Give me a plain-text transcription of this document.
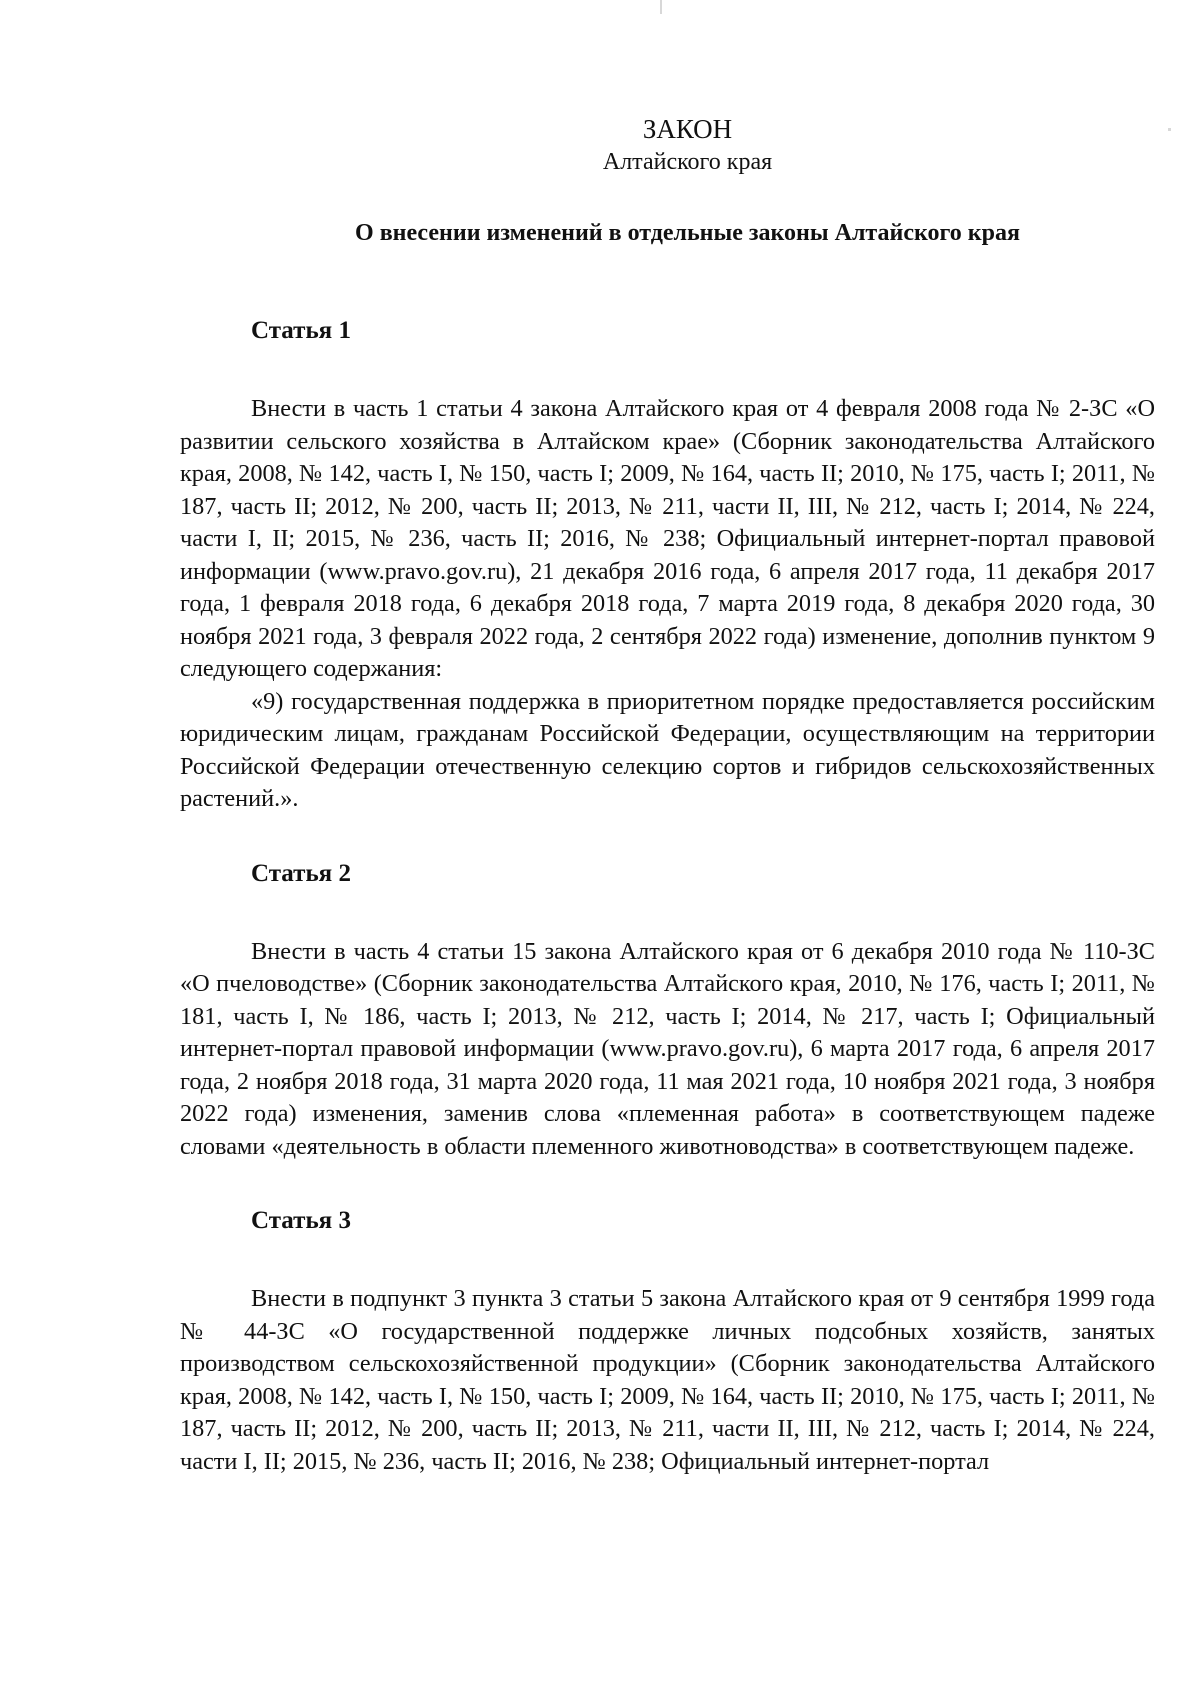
ЗАКОН

Алтайского края

О внесении изменений в отдельные законы Алтайского края

Статья 1

Внести в часть 1 статьи 4 закона Алтайского края от 4 февраля 2008 года № 2-ЗС «О развитии сельского хозяйства в Алтайском крае» (Сборник законодательства Алтайского края, 2008, № 142, часть I, № 150, часть I; 2009, № 164, часть II; 2010, № 175, часть I; 2011, № 187, часть II; 2012, № 200, часть II; 2013, № 211, части II, III, № 212, часть I; 2014, № 224, части I, II; 2015, № 236, часть II; 2016, № 238; Официальный интернет-портал правовой информации (www.pravo.gov.ru), 21 декабря 2016 года, 6 апреля 2017 года, 11 декабря 2017 года, 1 февраля 2018 года, 6 декабря 2018 года, 7 марта 2019 года, 8 декабря 2020 года, 30 ноября 2021 года, 3 февраля 2022 года, 2 сентября 2022 года) изменение, дополнив пунктом 9 следующего содержания:

«9) государственная поддержка в приоритетном порядке предоставляется российским юридическим лицам, гражданам Российской Федерации, осуществляющим на территории Российской Федерации отечественную селекцию сортов и гибридов сельскохозяйственных растений.».

Статья 2

Внести в часть 4 статьи 15 закона Алтайского края от 6 декабря 2010 года № 110-ЗС «О пчеловодстве» (Сборник законодательства Алтайского края, 2010, № 176, часть I; 2011, № 181, часть I, № 186, часть I; 2013, № 212, часть I; 2014, № 217, часть I; Официальный интернет-портал правовой информации (www.pravo.gov.ru), 6 марта 2017 года, 6 апреля 2017 года, 2 ноября 2018 года, 31 марта 2020 года, 11 мая 2021 года, 10 ноября 2021 года, 3 ноября 2022 года) изменения, заменив слова «племенная работа» в соответствующем падеже словами «деятельность в области племенного животноводства» в соответствующем падеже.

Статья 3

Внести в подпункт 3 пункта 3 статьи 5 закона Алтайского края от 9 сентября 1999 года № 44-ЗС «О государственной поддержке личных подсобных хозяйств, занятых производством сельскохозяйственной продукции» (Сборник законодательства Алтайского края, 2008, № 142, часть I, № 150, часть I; 2009, № 164, часть II; 2010, № 175, часть I; 2011, № 187, часть II; 2012, № 200, часть II; 2013, № 211, части II, III, № 212, часть I; 2014, № 224, части I, II; 2015, № 236, часть II; 2016, № 238; Официальный интернет-портал
